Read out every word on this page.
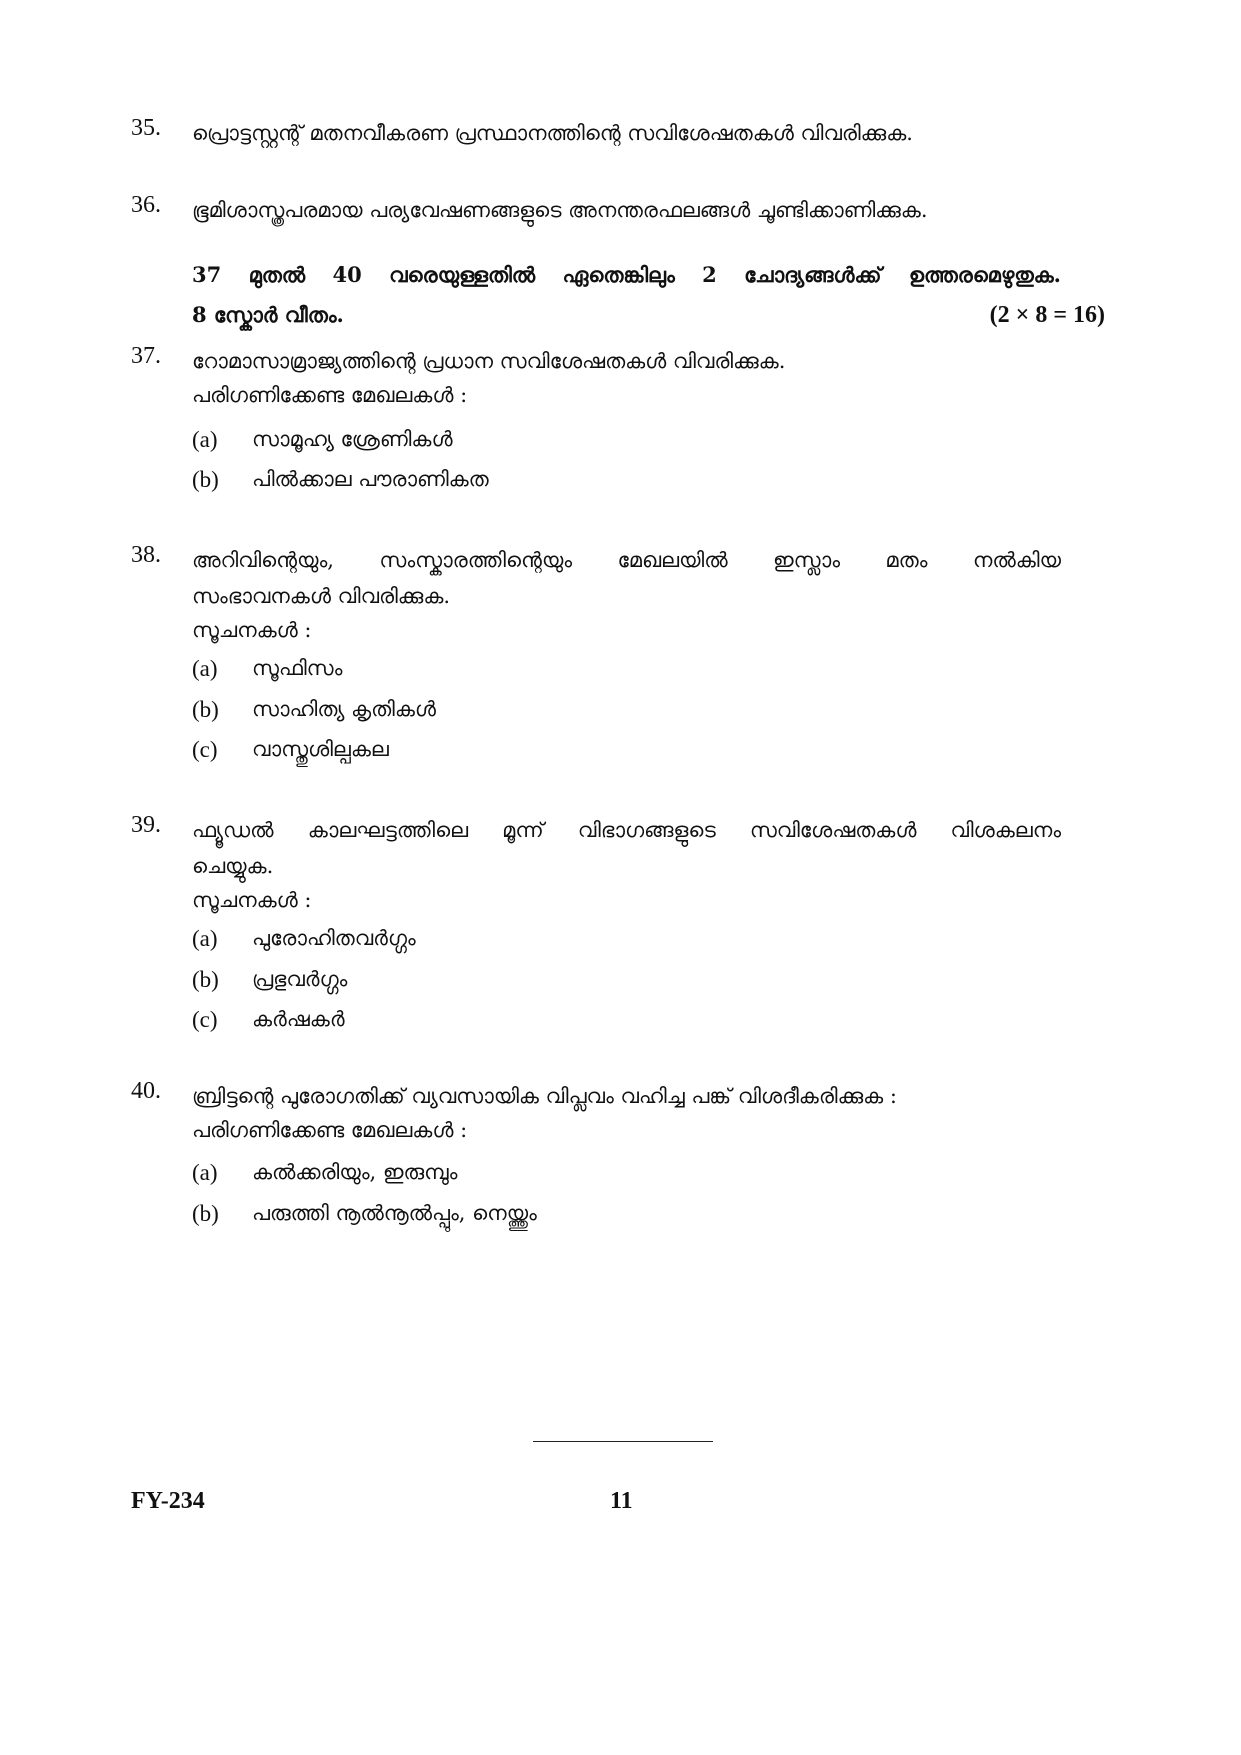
35. പ്രൊട്ടസ്റ്റന്റ് മതനവീകരണ പ്രസ്ഥാനത്തിന്റെ സവിശേഷതകൾ വിവരിക്കുക.
36. ഭൂമിശാസ്ത്രപരമായ പര്യവേഷണങ്ങളുടെ അനന്തരഫലങ്ങൾ ചൂണ്ടിക്കാണിക്കുക.
37 മുതൽ 40 വരെയുള്ളതിൽ ഏതെങ്കിലും 2 ചോദ്യങ്ങൾക്ക് ഉത്തരമെഴുതുക.
8 സ്കോർ വീതം.	(2 × 8 = 16)
37. റോമാസാമ്രാജ്യത്തിന്റെ പ്രധാന സവിശേഷതകൾ വിവരിക്കുക.
പരിഗണിക്കേണ്ട മേഖലകൾ :
(a) സാമൂഹ്യ ശ്രേണികൾ
(b) പിൽക്കാല പൗരാണികത
38. അറിവിന്റെയും, സംസ്കാരത്തിന്റെയും മേഖലയിൽ ഇസ്ലാം മതം നൽകിയ
സംഭാവനകൾ വിവരിക്കുക.
സൂചനകൾ :
(a) സൂഫിസം
(b) സാഹിത്യ കൃതികൾ
(c) വാസ്തുശില്പകല
39. ഫ്യൂഡൽ കാലഘട്ടത്തിലെ മൂന്ന് വിഭാഗങ്ങളുടെ സവിശേഷതകൾ വിശകലനം
ചെയ്യുക.
സൂചനകൾ :
(a) പുരോഹിതവർഗ്ഗം
(b) പ്രഭുവർഗ്ഗം
(c) കർഷകർ
40. ബ്രിട്ടന്റെ പുരോഗതിക്ക് വ്യവസായിക വിപ്ലവം വഹിച്ച പങ്ക് വിശദീകരിക്കുക :
പരിഗണിക്കേണ്ട മേഖലകൾ :
(a) കൽക്കരിയും, ഇരുമ്പും
(b) പരുത്തി നൂൽനൂൽപ്പും, നെയ്ത്തും
FY-234	11
